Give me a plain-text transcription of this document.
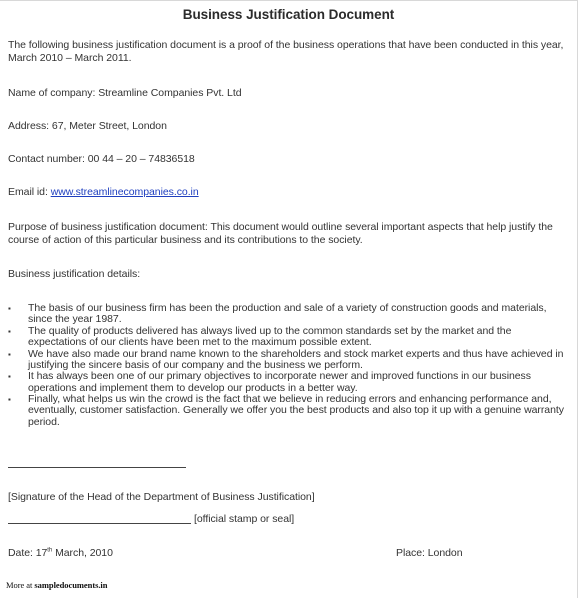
Business Justification Document
The following business justification document is a proof of the business operations that have been conducted in this year, March 2010 – March 2011.
Name of company: Streamline Companies Pvt. Ltd
Address: 67, Meter Street, London
Contact number: 00 44 – 20 – 74836518
Email id: www.streamlinecompanies.co.in
Purpose of business justification document: This document would outline several important aspects that help justify the course of action of this particular business and its contributions to the society.
Business justification details:
▪ The basis of our business firm has been the production and sale of a variety of construction goods and materials, since the year 1987.
▪ The quality of products delivered has always lived up to the common standards set by the market and the expectations of our clients have been met to the maximum possible extent.
▪ We have also made our brand name known to the shareholders and stock market experts and thus have achieved in justifying the sincere basis of our company and the business we perform.
▪ It has always been one of our primary objectives to incorporate newer and improved functions in our business operations and implement them to develop our products in a better way.
▪ Finally, what helps us win the crowd is the fact that we believe in reducing errors and enhancing performance and, eventually, customer satisfaction. Generally we offer you the best products and also top it up with a genuine warranty period.
[Signature of the Head of the Department of Business Justification]
[official stamp or seal]
Date: 17th March, 2010	Place: London
More at sampledocuments.in
